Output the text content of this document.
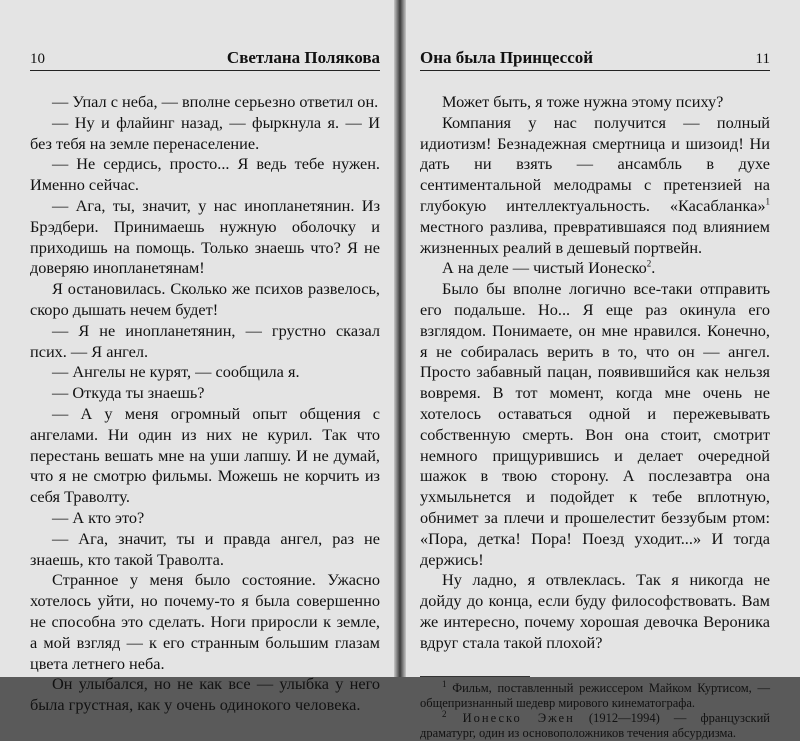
10	Светлана Полякова

— Упал с неба, — вполне серьезно ответил он.

— Ну и флайинг назад, — фыркнула я. — И без тебя на земле перенаселение.

— Не сердись, просто... Я ведь тебе нужен. Именно сейчас.

— Ага, ты, значит, у нас инопланетянин. Из Брэдбери. Принимаешь нужную оболочку и приходишь на помощь. Только знаешь что? Я не доверяю инопланетянам!

Я остановилась. Сколько же психов развелось, скоро дышать нечем будет!

— Я не инопланетянин, — грустно сказал псих. — Я ангел.

— Ангелы не курят, — сообщила я.

— Откуда ты знаешь?

— А у меня огромный опыт общения с ангелами. Ни один из них не курил. Так что перестань вешать мне на уши лапшу. И не думай, что я не смотрю фильмы. Можешь не корчить из себя Траволту.

— А кто это?

— Ага, значит, ты и правда ангел, раз не знаешь, кто такой Траволта.

Странное у меня было состояние. Ужасно хотелось уйти, но почему-то я была совершенно не способна это сделать. Ноги приросли к земле, а мой взгляд — к его странным большим глазам цвета летнего неба.

Он улыбался, но не как все — улыбка у него была грустная, как у очень одинокого человека.

Она была Принцессой	11

Может быть, я тоже нужна этому психу?

Компания у нас получится — полный идиотизм! Безнадежная смертница и шизоид! Ни дать ни взять — ансамбль в духе сентиментальной мелодрамы с претензией на глубокую интеллектуальность. «Касабланка»$^1$ местного разлива, превратившаяся под влиянием жизненных реалий в дешевый портвейн.

А на деле — чистый Ионеско$^2$.

Было бы вполне логично все-таки отправить его подальше. Но... Я еще раз окинула его взглядом. Понимаете, он мне нравился. Конечно, я не собиралась верить в то, что он — ангел. Просто забавный пацан, появившийся как нельзя вовремя. В тот момент, когда мне очень не хотелось оставаться одной и пережевывать собственную смерть. Вон она стоит, смотрит немного прищурившись и делает очередной шажок в твою сторону. А послезавтра она ухмыльнется и подойдет к тебе вплотную, обнимет за плечи и прошелестит беззубым ртом: «Пора, детка! Пора! Поезд уходит...» И тогда держись!

Ну ладно, я отвлеклась. Так я никогда не дойду до конца, если буду философствовать. Вам же интересно, почему хорошая девочка Вероника вдруг стала такой плохой?

$^1$ Фильм, поставленный режиссером Майком Куртисом, — общепризнанный шедевр мирового кинематографа.

$^2$ Ионеско Эжен (1912—1994) — французский драматург, один из основоположников течения абсурдизма.
